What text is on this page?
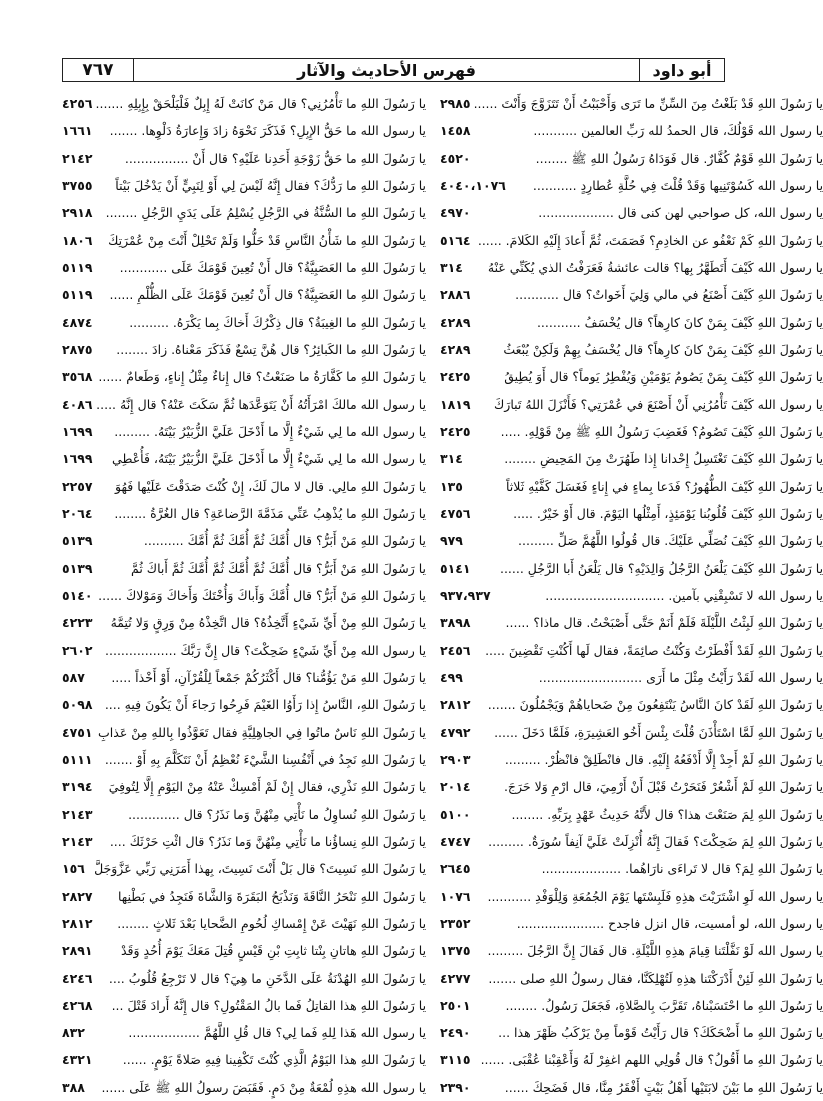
٧٦٧	فهرس الأحاديث والآثار	أبو داود
يا رَسُولَ اللهِ ما تَأْمُرُنِي؟ قال مَنْ كانَتْ لَهُ إِبِلٌ فَلْيَلْحَقْ بِإِبِلِهِ .......
٤٢٥٦
يا رسول الله ما حَقُّ الإِبِلِ؟ فَذَكَرَ نَحْوَهُ زادَ وَإِعارَةُ دَلْوِها. .......
١٦٦١
يا رَسُولَ اللهِ ما حَقُّ زَوْجَةِ أَحَدِنا عَلَيْهِ؟ قال أَنْ ................
٢١٤٢
يا رَسُولَ اللهِ ما رَدُّكَ؟ فقال إِنَّهُ لَيْسَ لِي أَوْ لِنَبِيٍّ أَنْ يَدْخُلَ بَيْتاً
٣٧٥٥
يا رَسُولَ اللهِ ما السُّنَّةُ في الرَّجُلِ يُسْلِمُ عَلَى يَدَيِ الرَّجُلِ ........
٢٩١٨
يا رَسُولَ اللهِ ما شَأْنُ النَّاسِ قَدْ حَلُّوا وَلَمْ تَحْلِلْ أَنْتَ مِنْ عُمْرَتِكَ
١٨٠٦
يا رَسُولَ اللهِ ما العَصَبِيَّةُ؟ قال أَنْ تُعِينَ قَوْمَكَ عَلَى ............
٥١١٩
يا رَسُولَ اللهِ ما العَصَبِيَّةُ؟ قال أَنْ تُعِينَ قَوْمَكَ عَلَى الظُّلْمِ ......
٥١١٩
يا رَسُولَ اللهِ ما الغِيبَةُ؟ قال ذِكْرُكَ أَخاكَ بِما يَكْرَهُ. ..........
٤٨٧٤
يا رَسُولَ اللهِ ما الكَبائِرُ؟ قال هُنَّ تِسْعٌ فَذَكَرَ مَعْناهُ. زادَ ........
٢٨٧٥
يا رَسُولَ اللهِ ما كَفَّارَةُ ما صَنَعْتُ؟ قال إِناءٌ مِثْلُ إِناءٍ، وَطَعامٌ ......
٣٥٦٨
يا رسول الله مالكَ امْرَأَتُهُ أَنْ يَتَوَعَّدَها ثُمَّ سَكَتَ عَنْهُ؟ قال إِنَّهُ .....
٤٠٨٦
يا رسول الله ما لِي شَيْءٌ إِلَّا ما أَدْخَلَ عَلَيَّ الزُّبَيْرُ بَيْتَهُ. .........
١٦٩٩
يا رسول الله ما لِي شَيْءٌ إِلَّا ما أَدْخَلَ عَلَيَّ الزُّبَيْرُ بَيْتَهُ، فَأُعْطِي
١٦٩٩
يا رَسُولَ اللهِ مالِي. قال لا مالَ لَكَ، إِنْ كُنْتَ صَدَقْتَ عَلَيْها فَهُوَ
٢٢٥٧
يا رَسُولَ اللهِ ما يُذْهِبُ عَنِّي مَذَمَّةَ الرَّضاعَةِ؟ قال الغُرَّةُ ........
٢٠٦٤
يا رَسُولَ اللهِ مَنْ أَبَرُّ؟ قال أُمَّكَ ثُمَّ أُمَّكَ ثُمَّ أُمَّكَ ..........
٥١٣٩
يا رَسُولَ اللهِ مَنْ أَبَرُّ؟ قال أُمَّكَ ثُمَّ أُمَّكَ ثُمَّ أُمَّكَ ثُمَّ أَباكَ ثُمَّ
٥١٣٩
يا رَسُولَ اللهِ مَنْ أَبَرُّ؟ قال أُمَّكَ وَأَباكَ وَأُخْتَكَ وَأَخاكَ وَمَوْلاكَ ......
٥١٤٠
يا رَسُولَ اللهِ مِنْ أَيِّ شَيْءٍ أَتَّخِذُهُ؟ قال اتَّخِذْهُ مِنْ وَرِقٍ وَلا تُتِمَّهُ
٤٢٢٣
يا رسول الله مِنْ أَيِّ شَيْءٍ ضَحِكْتَ؟ قال إِنَّ رَبَّكَ ..................
٢٦٠٢
يا رَسُولَ اللهِ مَنْ يَؤُمُّنا؟ قال أَكْثَرُكُمْ جَمْعاً لِلْقُرْآنِ، أَوْ أَخْذاً .....
٥٨٧
يا رَسُولَ اللهِ، النَّاسُ إِذا رَأَوُا الغَيْمَ فَرِحُوا رَجاءَ أَنْ يَكُونَ فِيهِ ....
٥٠٩٨
يا رَسُولَ اللهِ نَاسٌ ماتُوا فِي الجاهِلِيَّةِ فقال تَعَوَّذُوا بِاللهِ مِنْ عَذابِ
٤٧٥١
يا رَسُولَ اللهِ نَجِدُ في أَنْفُسِنا الشَّيْءَ نُعْظِمُ أَنْ نَتَكَلَّمَ بِهِ أَوْ .......
٥١١١
يا رَسُولَ اللهِ نَذْرِي، فقال إِنْ لَمْ أَمْسِكْ عَنْهُ مِنْ اليَوْمِ إِلَّا لِتُوفِيَ
٣١٩٤
يا رَسُولَ اللهِ نُساوِلُ ما نَأْتِي مِنْهُنَّ وَما نَذَرُ؟ قال .............
٢١٤٣
يا رَسُولَ اللهِ نِساؤُنا ما نَأْتِي مِنْهُنَّ وَما نَذَرُ؟ قال ائْتِ حَرْثَكَ ....
٢١٤٣
يا رَسُولَ اللهِ نَسِيتَ؟ قال بَلْ أَنْتَ نَسِيتَ، بِهذا أَمَرَنِي رَبِّي عَزَّوَجَلَّ
١٥٦
يا رَسُولَ اللهِ نَنْحَرُ النَّاقَةَ وَنَذْبَحُ البَقَرَةَ وَالشَّاةَ فَنَجِدُ في بَطْنِها
٢٨٢٧
يا رَسُولَ اللهِ نَهَيْتَ عَنْ إِمْساكِ لُحُومِ الضَّحايا بَعْدَ ثَلاثٍ ........
٢٨١٢
يا رَسُولَ اللهِ هاتانِ بِنْتا ثابِتِ بْنِ قَيْسٍ قُتِلَ مَعَكَ يَوْمَ أُحُدٍ وَقَدْ
٢٨٩١
يا رَسُولَ اللهِ الهُدْنَةُ عَلَى الدَّخَنِ ما هِيَ؟ قال لا تَرْجِعُ قُلُوبُ ....
٤٢٤٦
يا رَسُولَ اللهِ هذا القاتِلُ فَما بالُ المَقْتُولِ؟ قال إِنَّهُ أَرادَ قَتْلَ ...
٤٢٦٨
يا رسول الله هَذا لِلهِ فَما لِي؟ قال قُلِ اللَّهُمَّ ..................
٨٣٢
يا رَسُولَ اللهِ هذا اليَوْمُ الَّذِي كُنْتَ تَكْفِينا فِيهِ صَلاةً يَوْمٍ. ......
٤٣٢١
يا رسول الله هذِهِ لُمْعَةٌ مِنْ دَمٍ. فَقَبَضَ رسولُ اللهِ ﷺ عَلَى ......
٣٨٨
يا رَسُولَ اللهِ قَدْ بَلَغْتُ مِنَ السِّنِّ ما تَرَى وَأَحْبَبْتُ أَنْ تَتَزَوَّجَ وَأَنْتَ ......
٢٩٨٥
يا رسول الله قَوْلُكَ، قال الحمدُ لله رَبِّ العالمين ...........
١٤٥٨
يا رَسُولَ اللهِ قَوْمٌ كُفَّارٌ. قال فَوَدَاهُ رَسُولُ اللهِ ﷺ ........
٤٥٢٠
يا رسول الله كَسُوْتَنِيها وَقَدْ قُلْتَ فِي حُلَّةِ عُطارِدٍ ...........
٤٠٤٠،١٠٧٦
يا رسول الله، كل صواحبي لهن كنى قال ...................
٤٩٧٠
يا رَسُولَ اللهِ كَمْ نَعْفُو عن الخادِمِ؟ فَصَمَتَ، ثُمَّ أَعادَ إِلَيْهِ الكَلامَ. ......
٥١٦٤
يا رسول الله كَيْفَ أَتَطَهَّرُ بِها؟ قالت عائشةُ فَعَرَفْتُ الذي يُكَنِّي عَنْهُ
٣١٤
يا رَسُولَ اللهِ كَيْفَ أَصْنَعُ في مالي وَلِيَ أَخَواتٌ؟ قال ...........
٢٨٨٦
يا رَسُولَ اللهِ كَيْفَ بِمَنْ كانَ كارِهاً؟ قال يُخْسَفُ ...........
٤٢٨٩
يا رَسُولَ اللهِ كَيْفَ بِمَنْ كانَ كارِهاً؟ قال يُخْسَفُ بِهِمْ وَلَكِنْ يُبْعَثُ
٤٢٨٩
يا رَسُولَ اللهِ كَيْفَ بِمَنْ يَصُومُ يَوْمَيْنِ وَيُفْطِرُ يَوماً؟ قال أَوَ يُطِيقُ
٢٤٢٥
يا رسول الله كَيْفَ تَأْمُرُنِي أَنْ أَصْنَعَ في عُمْرَتِي؟ فَأَنْزَلَ اللهُ تَبارَكَ
١٨١٩
يا رَسُولَ اللهِ كَيْفَ تَصُومُ؟ فَغَضِبَ رَسُولُ اللهِ ﷺ مِنْ قَوْلِهِ. .....
٢٤٢٥
يا رَسُولَ اللهِ كَيْفَ تَغْتَسِلُ إِحْدانا إِذا طَهُرَتْ مِنَ المَحِيضِ ........
٣١٤
يا رَسُولَ اللهِ كَيْفَ الطُّهُورُ؟ فَدَعا بِماءٍ في إِناءٍ فَغَسَلَ كَفَّيْهِ ثَلاثاً
١٣٥
يا رَسُولَ اللهِ كَيْفَ قُلُوبُنا يَوْمَئِذٍ، أَمِثْلُها اليَوْمَ. قال أَوْ خَيْرٌ. .....
٤٧٥٦
يا رَسُولَ اللهِ كَيْفَ نُصَلِّي عَلَيْكَ. قال قُولُوا اللَّهُمَّ صَلِّ .........
٩٧٩
يا رَسُولَ اللهِ كَيْفَ يَلْعَنُ الرَّجُلُ وَالِدَيْهِ؟ قال يَلْعَنُ أَبا الرَّجُلِ ......
٥١٤١
يا رسول الله لا تَسْبِقْنِي بآمين. ..............................
٩٣٧،٩٣٧
يا رَسُولَ اللهِ لَبِثْتُ اللَّيْلَةَ فَلَمْ أَنَمْ حَتَّى أَصْبَحْتُ. قال ماذا؟ ......
٣٨٩٨
يا رَسُولَ اللهِ لَقَدْ أَفْطَرْتُ وَكُنْتُ صائِمَةً، فقال لَها أَكُنْتِ تَقْضِينَ .....
٢٤٥٦
يا رسول الله لَقَدْ رَأَيْتُ مِثْلَ ما أَرَى ..........................
٤٩٩
يا رَسُولَ اللهِ لَقَدْ كانَ النَّاسُ يَنْتَفِعُونَ مِنْ ضَحاياهُمْ وَيَجْمُلُونَ .......
٢٨١٢
يا رَسُولَ اللهِ لَمَّا اسْتَأْذَنَ قُلْتَ بِئْسَ أَخُو العَشِيرَةِ، فَلَمَّا دَخَلَ ......
٤٧٩٢
يا رَسُولَ اللهِ لَمْ أَجِدْ إِلَّا أَدْفَعُهُ إِلَيْهِ. قال فانْطَلِقْ فانْظُرْ. .........
٢٩٠٣
يا رَسُولَ اللهِ لَمْ أَشْعُرْ فَنَحَرْتُ قَبْلَ أَنْ أَرْمِيَ، قال ارْمِ وَلا حَرَجَ.
٢٠١٤
يا رَسُولَ اللهِ لِمَ صَنَعْتَ هذا؟ قال لأَنَّهُ حَدِيثُ عَهْدٍ بِرَبِّهِ. ........
٥١٠٠
يا رَسُولَ اللهِ لِمَ ضَحِكْتَ؟ فَقالَ إِنَّهُ أُنْزِلَتْ عَلَيَّ آنِفاً سُورَةٌ. .........
٤٧٤٧
يا رَسُولَ اللهِ لِمَ؟ قال لا تَراءَى نارَاهُما. ....................
٢٦٤٥
يا رسول الله لَوِ اشْتَرَيْتَ هذِهِ فَلَبِسْتَها يَوْمَ الجُمُعَةِ وَلِلْوَفْدِ ...........
١٠٧٦
يا رسول الله، لو أمسيت، قال انزل فاجدح ......................
٢٣٥٢
يا رسول الله لَوْ نَفَّلْتَنا قِيامَ هذِهِ اللَّيْلَةِ. قال فَقالَ إِنَّ الرَّجُلَ .........
١٣٧٥
يا رَسُولَ اللهِ لَئِنْ أَدْرَكْتَنا هذِهِ لَتُهْلِكَنَّا، فقال رسولُ اللهِ صلى .......
٤٢٧٧
يا رَسُولَ اللهِ ما احْتَسَبْناهُ، تَقَرَّبَ بِالصَّلاةِ، فَجَعَلَ رَسُولُ. ........
٢٥٠١
يا رَسُولَ اللهِ ما أَضْحَكَكَ؟ قال رَأَيْتُ قَوْماً مِنْ يَرْكَبُ ظَهْرَ هذا ...
٢٤٩٠
يا رَسُولَ اللهِ ما أَقُولُ؟ قال قُولِي اللهم اغفِرْ لَهُ وَأَعْقِبْنا عُقْبَى. ......
٣١١٥
يا رَسُولَ اللهِ ما بَيْنَ لابَتَيْها أَهْلُ بَيْتٍ أَفْقَرُ مِنَّا، قال فَضَحِكَ ......
٢٣٩٠
